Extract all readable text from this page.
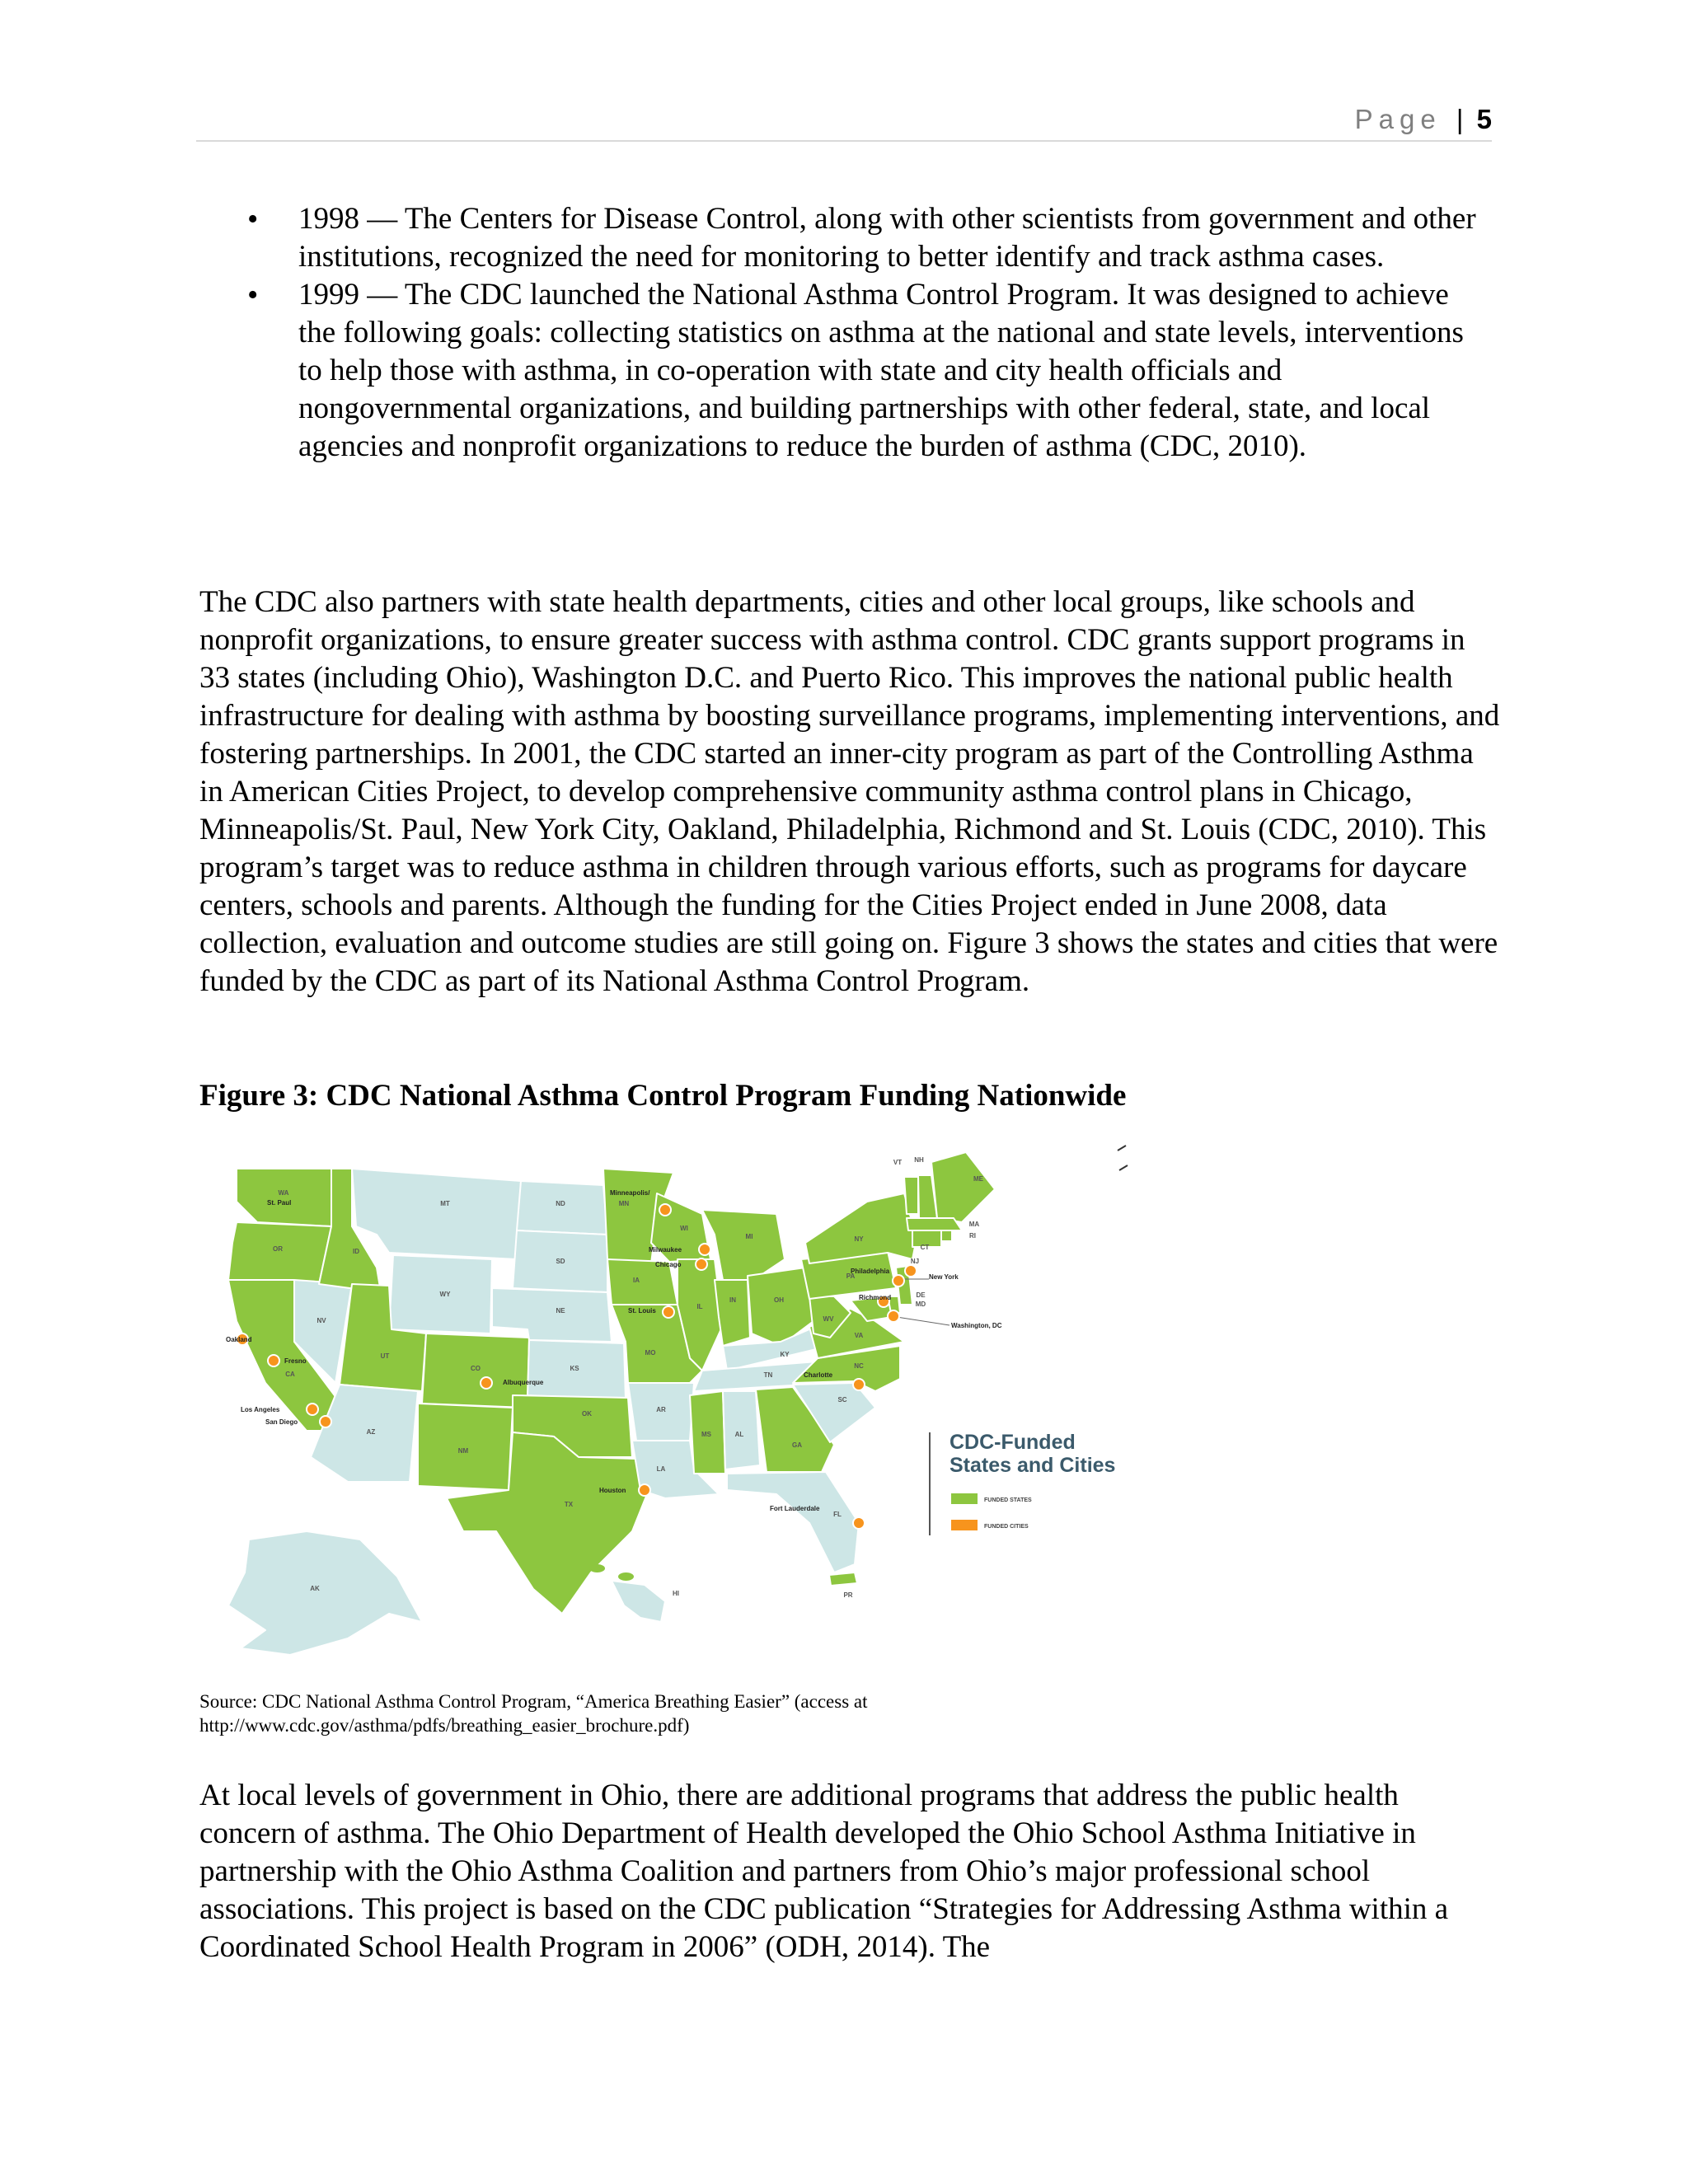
Page | 5
• 1998 — The Centers for Disease Control, along with other scientists from government and other institutions, recognized the need for monitoring to better identify and track asthma cases.
• 1999 — The CDC launched the National Asthma Control Program. It was designed to achieve the following goals: collecting statistics on asthma at the national and state levels, interventions to help those with asthma, in co-operation with state and city health officials and nongovernmental organizations, and building partnerships with other federal, state, and local agencies and nonprofit organizations to reduce the burden of asthma (CDC, 2010).

The CDC also partners with state health departments, cities and other local groups, like schools and nonprofit organizations, to ensure greater success with asthma control. CDC grants support programs in 33 states (including Ohio), Washington D.C. and Puerto Rico. This improves the national public health infrastructure for dealing with asthma by boosting surveillance programs, implementing interventions, and fostering partnerships. In 2001, the CDC started an inner-city program as part of the Controlling Asthma in American Cities Project, to develop comprehensive community asthma control plans in Chicago, Minneapolis/St. Paul, New York City, Oakland, Philadelphia, Richmond and St. Louis (CDC, 2010). This program’s target was to reduce asthma in children through various efforts, such as programs for daycare centers, schools and parents. Although the funding for the Cities Project ended in June 2008, data collection, evaluation and outcome studies are still going on. Figure 3 shows the states and cities that were funded by the CDC as part of its National Asthma Control Program.

Figure 3: CDC National Asthma Control Program Funding Nationwide
WA
OR	ID
MT	ND	MN
WY
SD
WI
MI
NV
NE
IA
IL
IN	OH
PA
NY
UT
CO	KS
MO	KY
WV
VA
CA
AZ
NM
OK
AR
TN
NC
SC
TX
LA
MS	AL
GA
FL
AK
HI	PR
VT NH
ME
MA
RI
CT
NJ
DE
MD
Minneapolis/
St. Paul
Milwaukee
Chicago
St. Louis
Philadelphia
New York
Richmond
Washington, DC
Oakland
Fresno
Los Angeles
San Diego
Albuquerque
Houston
Charlotte
Fort Lauderdale
CDC-Funded
States and Cities
FUNDED STATES
FUNDED CITIES
Source: CDC National Asthma Control Program, “America Breathing Easier” (access at
http://www.cdc.gov/asthma/pdfs/breathing_easier_brochure.pdf)

At local levels of government in Ohio, there are additional programs that address the public health concern of asthma. The Ohio Department of Health developed the Ohio School Asthma Initiative in partnership with the Ohio Asthma Coalition and partners from Ohio’s major professional school associations. This project is based on the CDC publication “Strategies for Addressing Asthma within a Coordinated School Health Program in 2006” (ODH, 2014). The
